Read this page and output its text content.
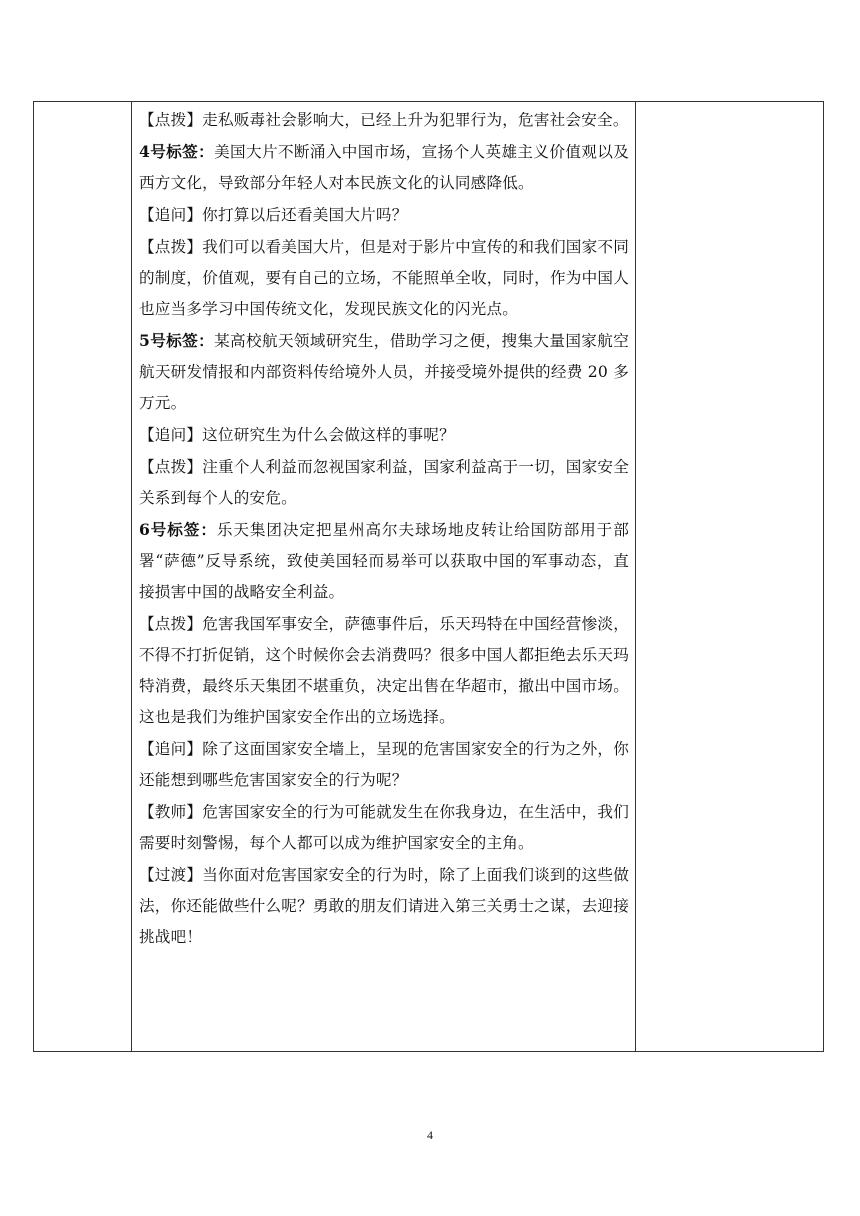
【点拨】走私贩毒社会影响大，已经上升为犯罪行为，危害社会安全。

4号标签：美国大片不断涌入中国市场，宣扬个人英雄主义价值观以及西方文化，导致部分年轻人对本民族文化的认同感降低。

【追问】你打算以后还看美国大片吗？

【点拨】我们可以看美国大片，但是对于影片中宣传的和我们国家不同的制度，价值观，要有自己的立场，不能照单全收，同时，作为中国人也应当多学习中国传统文化，发现民族文化的闪光点。

5号标签：某高校航天领域研究生，借助学习之便，搜集大量国家航空航天研发情报和内部资料传给境外人员，并接受境外提供的经费 20 多万元。

【追问】这位研究生为什么会做这样的事呢？

【点拨】注重个人利益而忽视国家利益，国家利益高于一切，国家安全关系到每个人的安危。

6号标签：乐天集团决定把星州高尔夫球场地皮转让给国防部用于部署“萨德”反导系统，致使美国轻而易举可以获取中国的军事动态，直接损害中国的战略安全利益。

【点拨】危害我国军事安全，萨德事件后，乐天玛特在中国经营惨淡，不得不打折促销，这个时候你会去消费吗？很多中国人都拒绝去乐天玛特消费，最终乐天集团不堪重负，决定出售在华超市，撤出中国市场。这也是我们为维护国家安全作出的立场选择。

【追问】除了这面国家安全墙上，呈现的危害国家安全的行为之外，你还能想到哪些危害国家安全的行为呢？

【教师】危害国家安全的行为可能就发生在你我身边，在生活中，我们需要时刻警惕，每个人都可以成为维护国家安全的主角。

【过渡】当你面对危害国家安全的行为时，除了上面我们谈到的这些做法，你还能做些什么呢？勇敢的朋友们请进入第三关勇士之谋，去迎接挑战吧！

4
